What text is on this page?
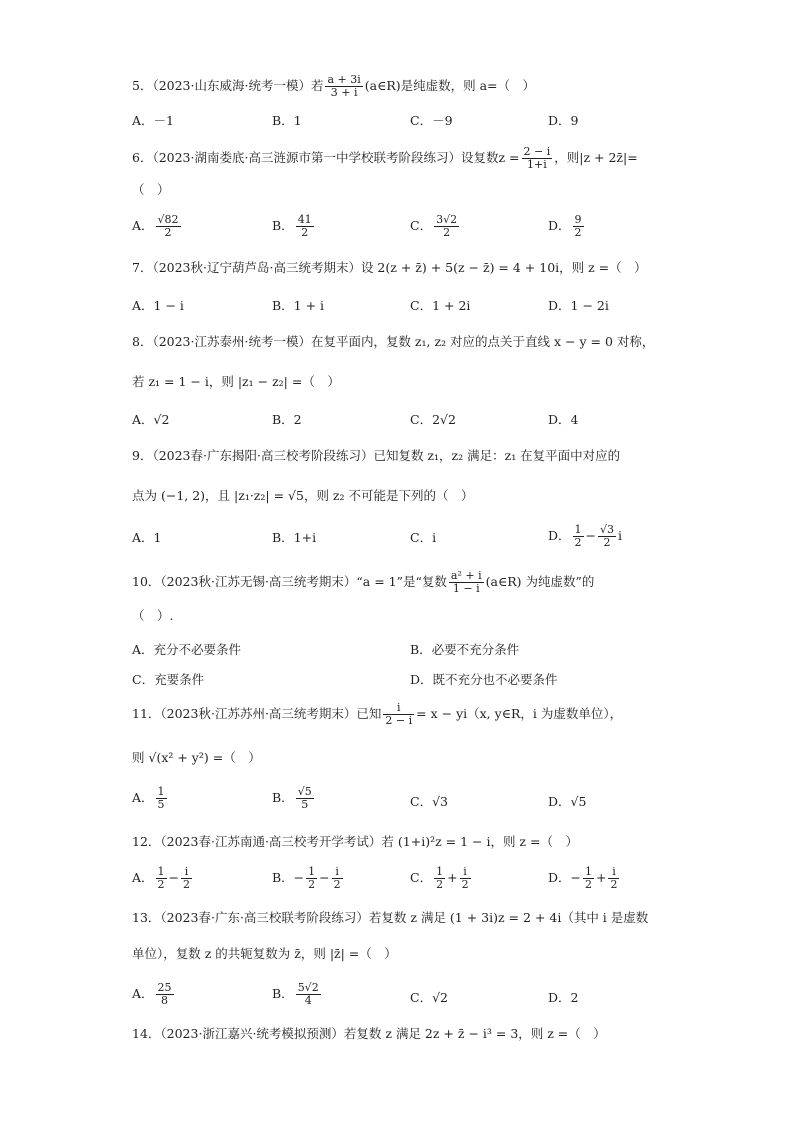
5．（2023·山东威海·统考一模）若 $\frac{a + 3i}{3 + i}$ (a∈R)是纯虚数，则 a=（　）
A．－1	B．1	C．－9	D．9
6．（2023·湖南娄底·高三涟源市第一中学校联考阶段练习）设复数$z = \frac{2 - i}{1+i}$ ，则|z + 2z̄|=
（　）
A． $\frac{√82}{2}$	B． $\frac{41}{2}$	C． $\frac{3√2}{2}$	D． $\frac{9}{2}$
7．（2023秋·辽宁葫芦岛·高三统考期末）设 2(z + z̄) + 5(z − z̄) = 4 + 10i，则 z =（　）
A．1 − i	B．1 + i	C．1 + 2i	D．1 − 2i
8．（2023·江苏泰州·统考一模）在复平面内，复数 z₁, z₂ 对应的点关于直线 x − y = 0 对称，
若 z₁ = 1 − i，则 |z₁ − z₂| =（　）
A．√2	B．2	C．2√2	D．4
9．（2023春·广东揭阳·高三校考阶段练习）已知复数 z₁，z₂ 满足：z₁ 在复平面中对应的
点为 (−1, 2)，且 |z₁·z₂| = √5，则 z₂ 不可能是下列的（　）
A．1	B．1+i	C．i	D． $\frac{1}{2} - \frac{√3}{2}$ i
10．（2023秋·江苏无锡·高三统考期末）“a = 1”是“复数 $\frac{\text{a² + i}}{1 - i}$ (a∈R) 为纯虚数”的
（　）.
A．充分不必要条件	B．必要不充分条件
C．充要条件	D．既不充分也不必要条件
11．（2023秋·江苏苏州·高三统考期末）已知 $\frac{i}{2 - i} = x - yi(x$, y∈R，i 为虚数单位），
则 √(x² + y²) =（　）
A． $\frac{1}{5}$	B． $\frac{√5}{5}$	C．√3	D．√5
12．（2023春·江苏南通·高三校考开学考试）若 (1+i)²z = 1 − i，则 z =（　）
A． $\frac{1}{2} - \frac{i}{2}$	B．− $\frac{1}{2} - \frac{i}{2}$	C． $\frac{1}{2} + \frac{i}{2}$	D．− $\frac{1}{2} + \frac{i}{2}$
13．（2023春·广东·高三校联考阶段练习）若复数 z 满足 (1 + 3i)z = 2 + 4i（其中 i 是虚数
单位），复数 z 的共轭复数为 z̄，则 |z̄| =（　）
A． $\frac{25}{8}$	B． $\frac{5√2}{4}$	C．√2	D．2
14．（2023·浙江嘉兴·统考模拟预测）若复数 z 满足 2z + z̄ − i³ = 3，则 z =（　）
